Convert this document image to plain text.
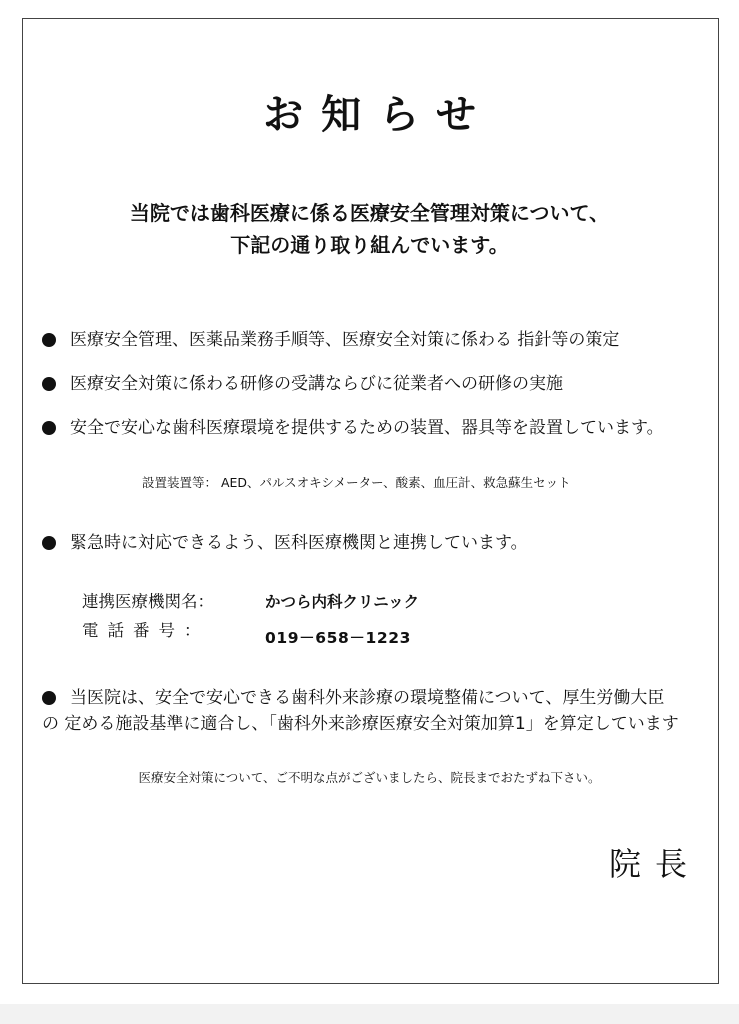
お知らせ
当院では歯科医療に係る医療安全管理対策について、
下記の通り取り組んでいます。
医療安全管理、医薬品業務手順等、医療安全対策に係わる 指針等の策定
医療安全対策に係わる研修の受講ならびに従業者への研修の実施
安全で安心な歯科医療環境を提供するための装置、器具等を設置しています。
設置装置等： AED、パルスオキシメーター、酸素、血圧計、救急蘇生セット
緊急時に対応できるよう、医科医療機関と連携しています。
連携医療機関名：	かつら内科クリニック
電話番号：	019－658－1223
当医院は、安全で安心できる歯科外来診療の環境整備について、厚生労働大臣
の 定める施設基準に適合し、「歯科外来診療医療安全対策加算1」を算定しています
医療安全対策について、ご不明な点がございましたら、院長までおたずね下さい。
院長
